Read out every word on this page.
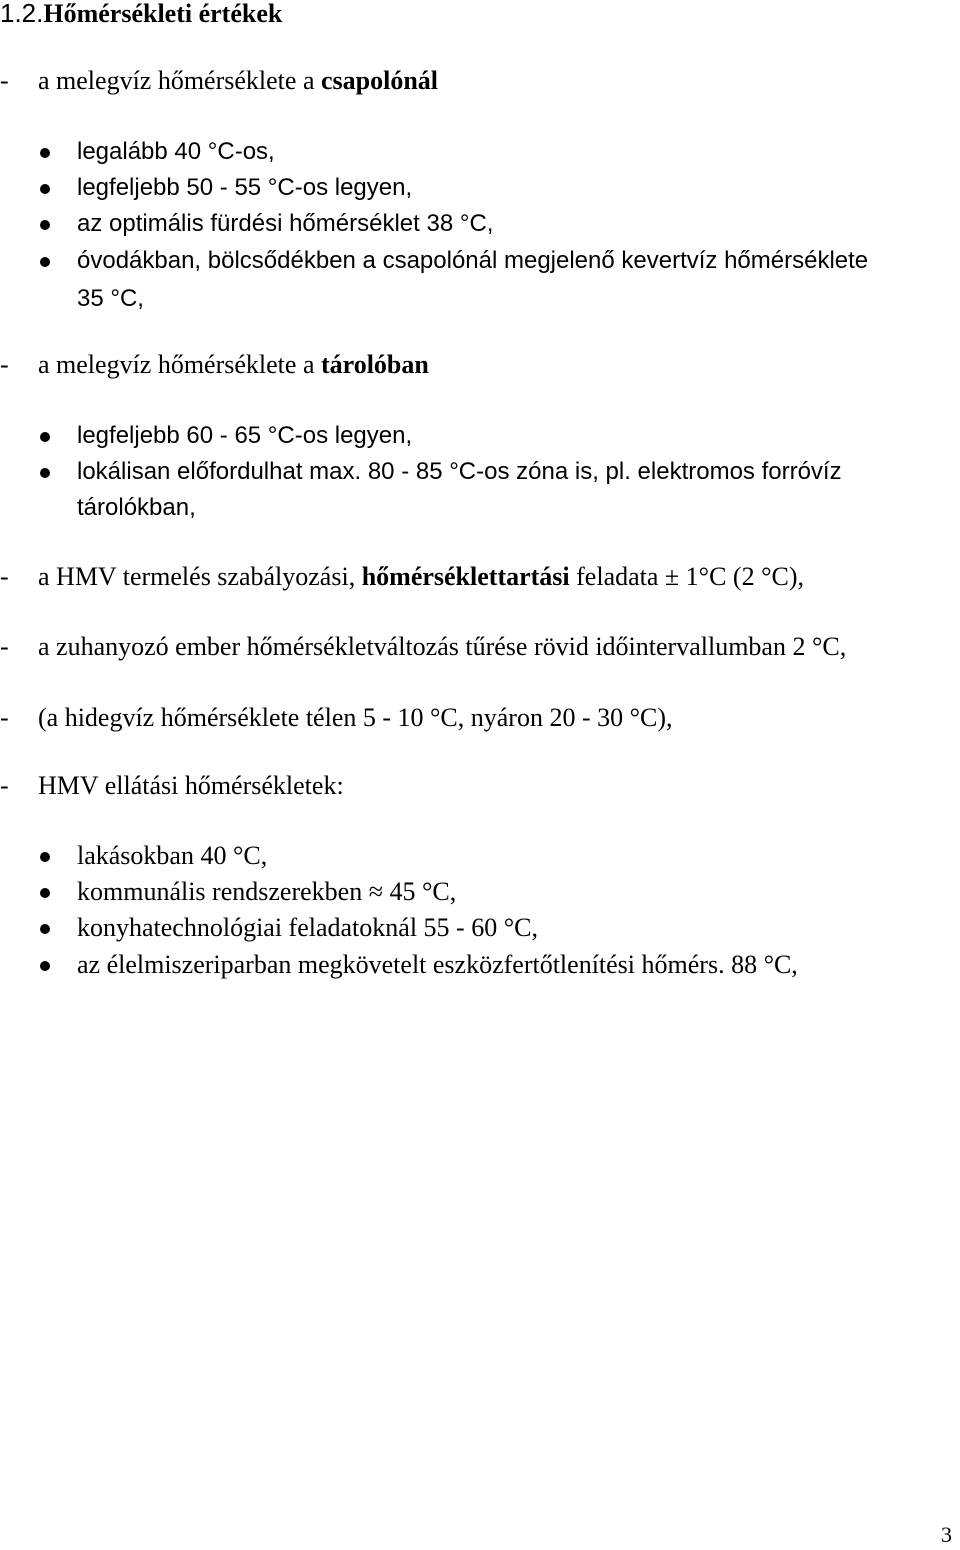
1.2.Hőmérsékleti értékek
- a melegvíz hőmérséklete a csapolónál
legalább 40 °C-os,
legfeljebb 50 - 55 °C-os legyen,
az optimális fürdési hőmérséklet 38 °C,
óvodákban, bölcsődékben a csapolónál megjelenő kevertvíz hőmérséklete
35 °C,
- a melegvíz hőmérséklete a tárolóban
legfeljebb 60 - 65 °C-os legyen,
lokálisan előfordulhat max. 80 - 85 °C-os zóna is, pl. elektromos forróvíz
tárolókban,
- a HMV termelés szabályozási, hőmérséklettartási feladata ± 1°C (2 °C),
- a zuhanyozó ember hőmérsékletváltozás tűrése rövid időintervallumban 2 °C,
- (a hidegvíz hőmérséklete télen 5 - 10 °C, nyáron 20 - 30 °C),
- HMV ellátási hőmérsékletek:
lakásokban 40 °C,
kommunális rendszerekben ≈ 45 °C,
konyhatechnológiai feladatoknál 55 - 60 °C,
az élelmiszeriparban megkövetelt eszközfertőtlenítési hőmérs. 88 °C,
3
